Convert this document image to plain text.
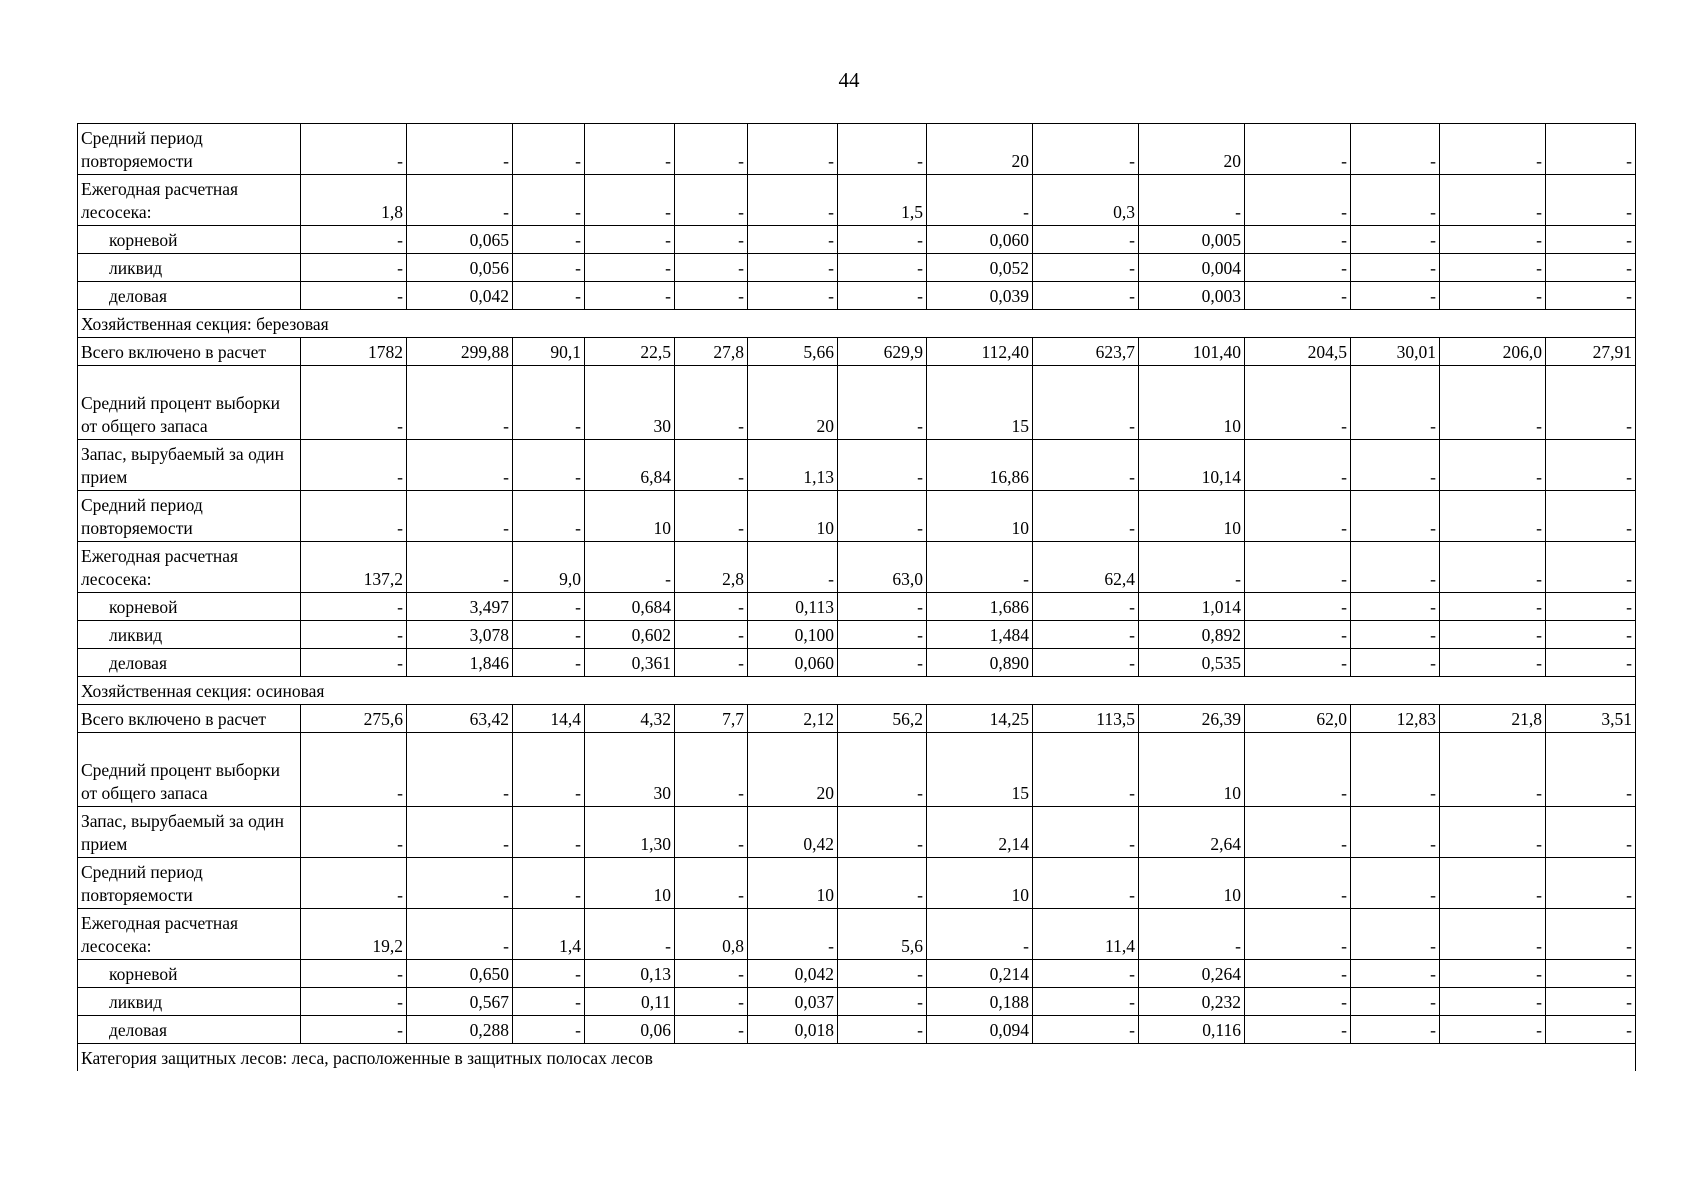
44
Средний период повторяемости	-	-	-	-	-	-	-	20	-	20	-	-	-	-
Ежегодная расчетная лесосека:	1,8	-	-	-	-	-	1,5	-	0,3	-	-	-	-	-
корневой	-	0,065	-	-	-	-	-	0,060	-	0,005	-	-	-	-
ликвид	-	0,056	-	-	-	-	-	0,052	-	0,004	-	-	-	-
деловая	-	0,042	-	-	-	-	-	0,039	-	0,003	-	-	-	-
Хозяйственная секция: березовая														
Всего включено в расчет	1782	299,88	90,1	22,5	27,8	5,66	629,9	112,40	623,7	101,40	204,5	30,01	206,0	27,91
Средний процент выборки от общего запаса	-	-	-	30	-	20	-	15	-	10	-	-	-	-
Запас, вырубаемый за один прием	-	-	-	6,84	-	1,13	-	16,86	-	10,14	-	-	-	-
Средний период повторяемости	-	-	-	10	-	10	-	10	-	10	-	-	-	-
Ежегодная расчетная лесосека:	137,2	-	9,0	-	2,8	-	63,0	-	62,4	-	-	-	-	-
корневой	-	3,497	-	0,684	-	0,113	-	1,686	-	1,014	-	-	-	-
ликвид	-	3,078	-	0,602	-	0,100	-	1,484	-	0,892	-	-	-	-
деловая	-	1,846	-	0,361	-	0,060	-	0,890	-	0,535	-	-	-	-
Хозяйственная секция: осиновая														
Всего включено в расчет	275,6	63,42	14,4	4,32	7,7	2,12	56,2	14,25	113,5	26,39	62,0	12,83	21,8	3,51
Средний процент выборки от общего запаса	-	-	-	30	-	20	-	15	-	10	-	-	-	-
Запас, вырубаемый за один прием	-	-	-	1,30	-	0,42	-	2,14	-	2,64	-	-	-	-
Средний период повторяемости	-	-	-	10	-	10	-	10	-	10	-	-	-	-
Ежегодная расчетная лесосека:	19,2	-	1,4	-	0,8	-	5,6	-	11,4	-	-	-	-	-
корневой	-	0,650	-	0,13	-	0,042	-	0,214	-	0,264	-	-	-	-
ликвид	-	0,567	-	0,11	-	0,037	-	0,188	-	0,232	-	-	-	-
деловая	-	0,288	-	0,06	-	0,018	-	0,094	-	0,116	-	-	-	-
Категория защитных лесов: леса, расположенные в защитных полосах лесов														
